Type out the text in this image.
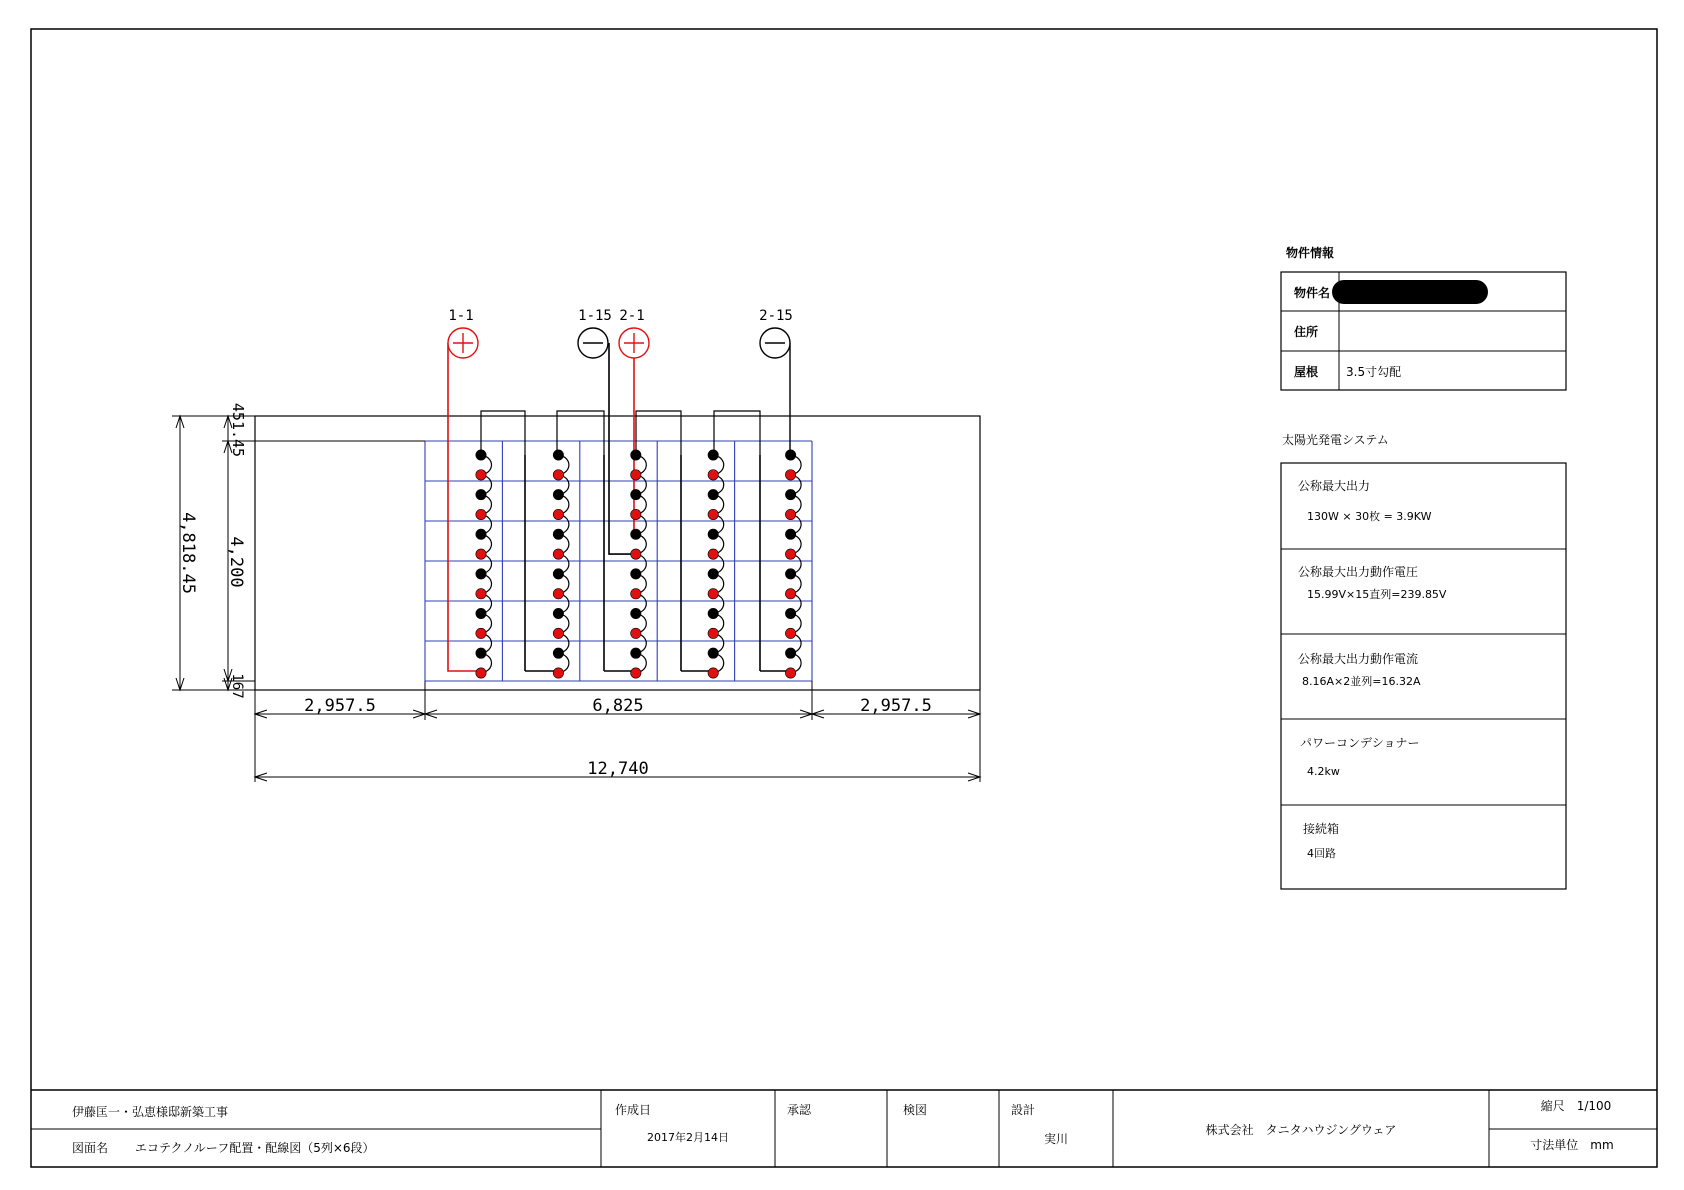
1-1	1-15 2-1	2-15
4,818.45 4,200
451.45
167
2,957.5	6,825	2,957.5
12,740
物件情報
物件名
住所
屋根 3.5寸勾配
太陽光発電システム
公称最大出力
130W × 30枚 = 3.9KW
公称最大出力動作電圧
15.99V×15直列=239.85V
公称最大出力動作電流
8.16A×2並列=16.32A
パワーコンデショナー
4.2kw
接続箱
4回路
伊藤匡一・弘恵様邸新築工事
図面名 エコテクノルーフ配置・配線図（5列×6段）
作成日
2017年2月14日
承認	検図	設計
実川
株式会社　タニタハウジングウェア
縮尺　1/100
寸法単位　mm
